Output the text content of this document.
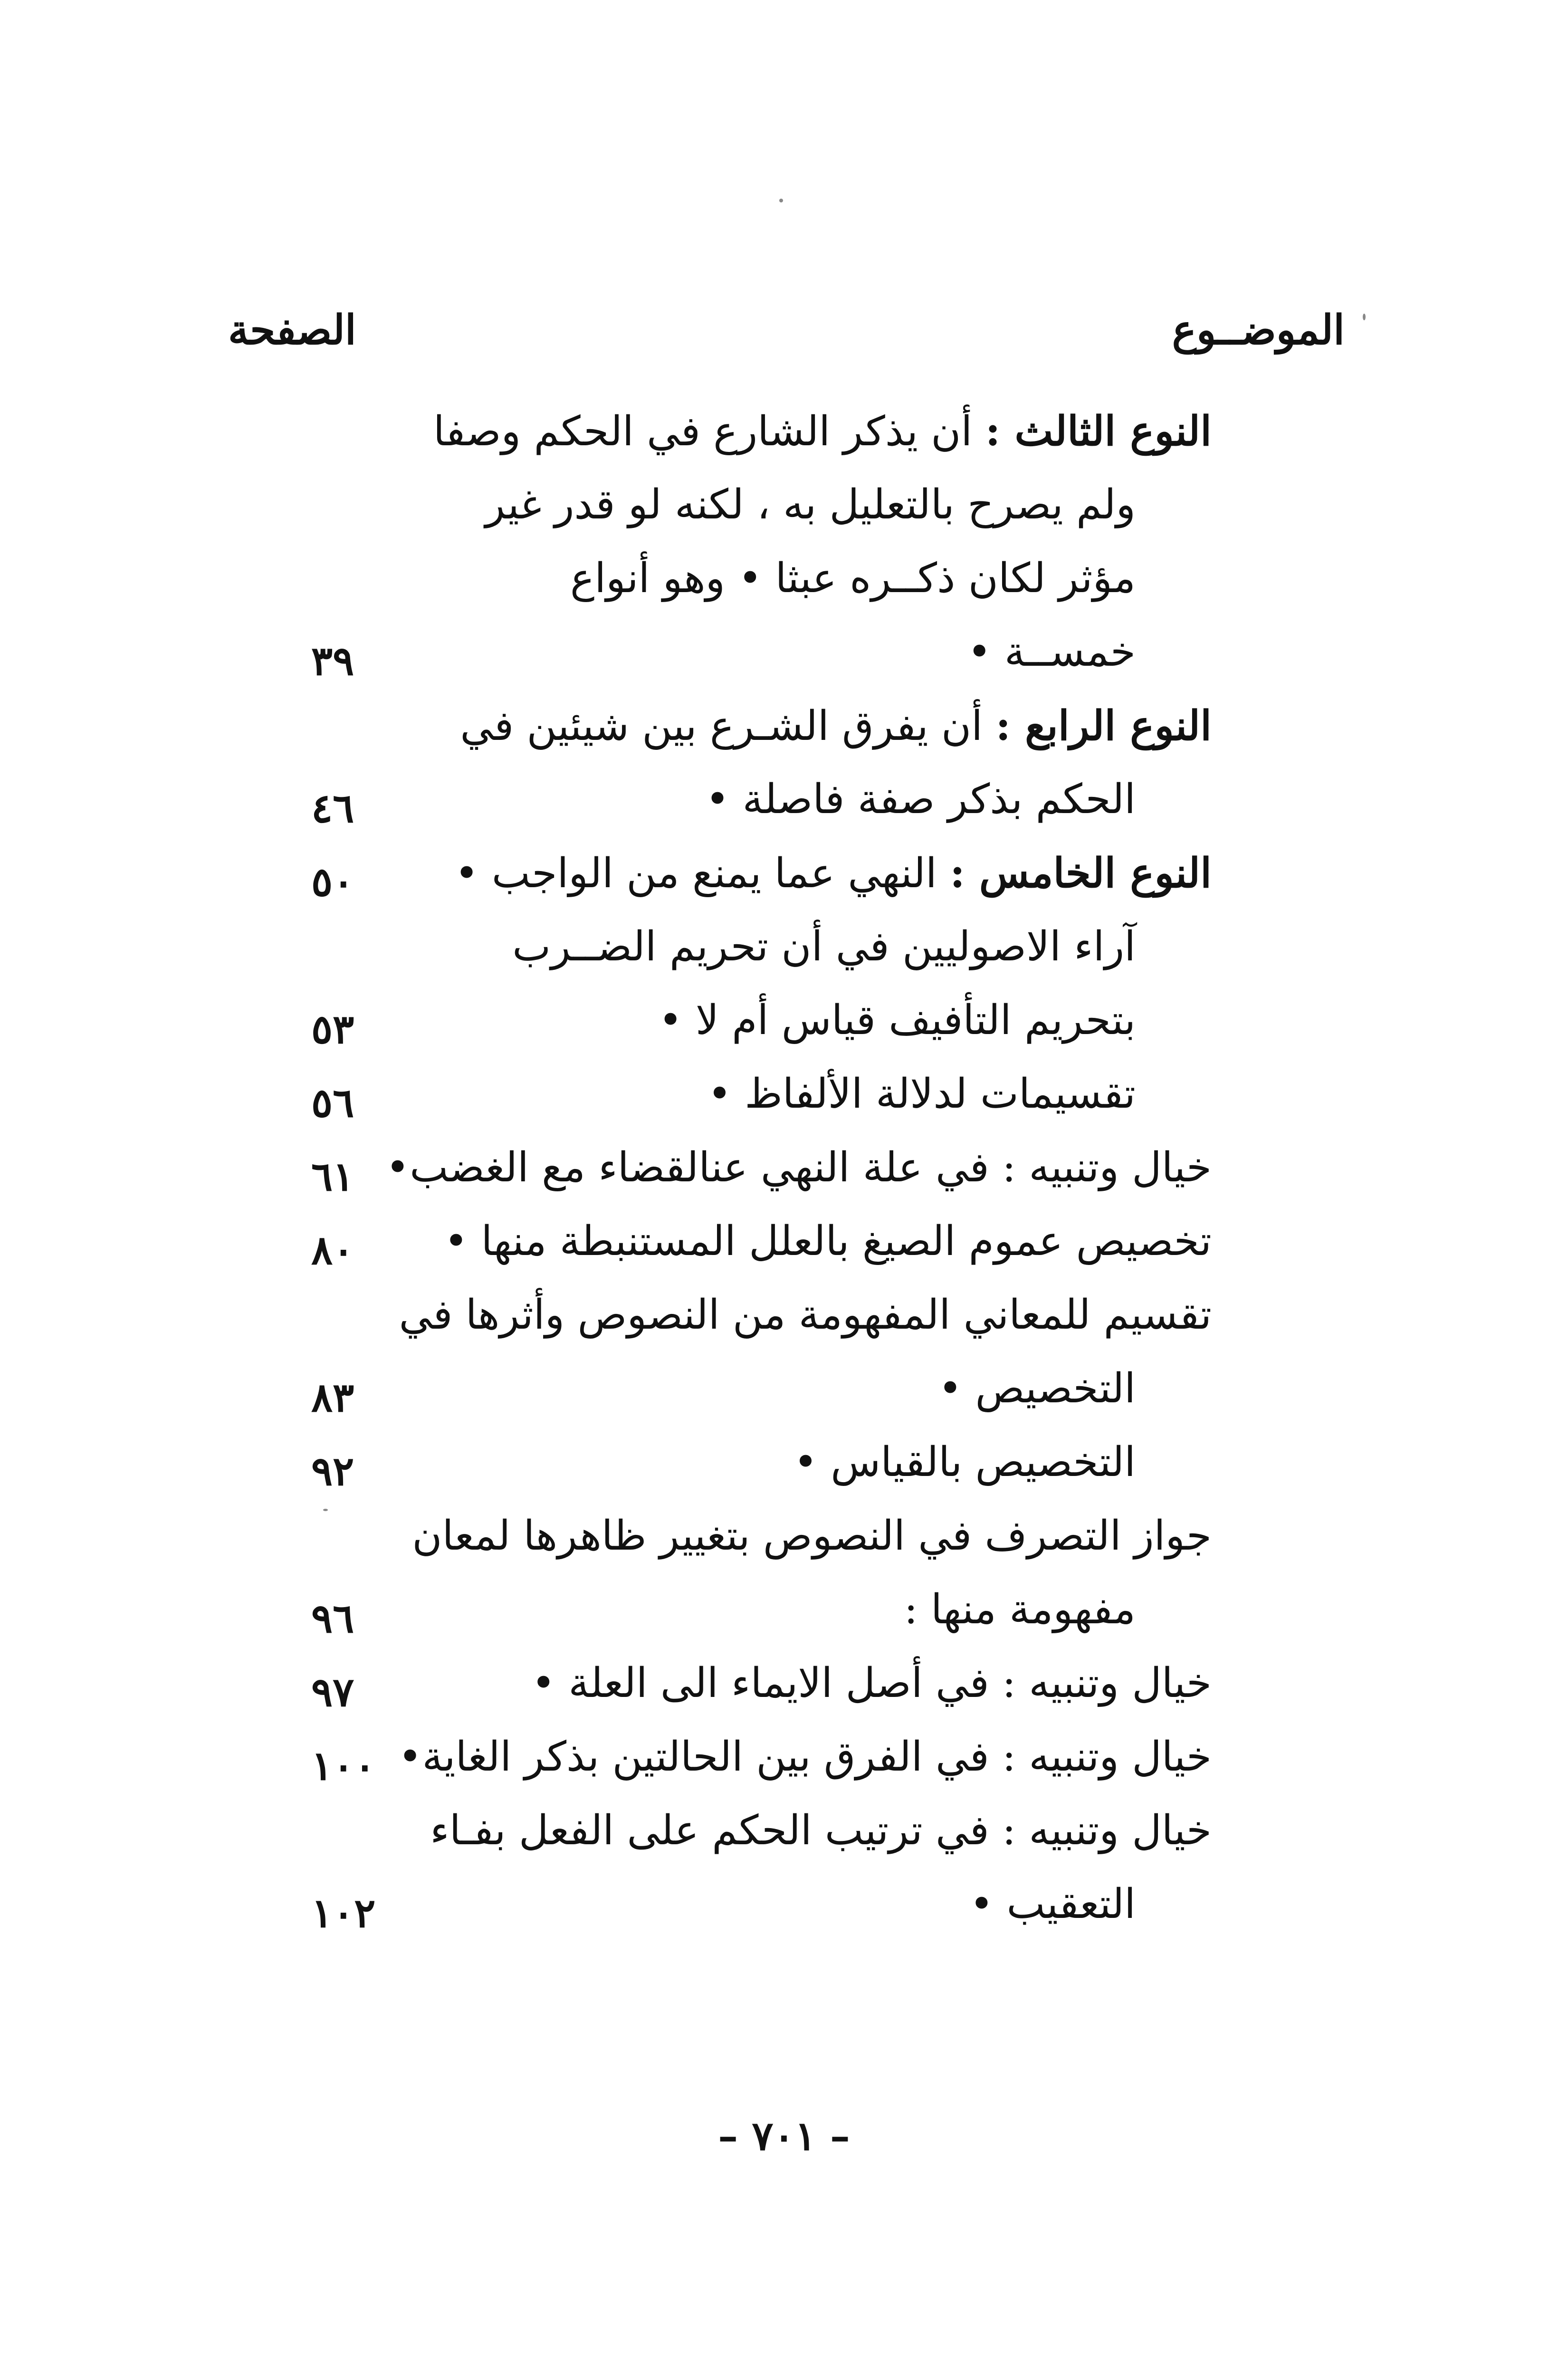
الموضــوع
الصفحة
النوع الثالث : أن يذكر الشارع في الحكم وصفا
ولم يصرح بالتعليل به ، لكنه لو قدر غير
مؤثر لكان ذكــره عبثا • وهو أنواع
خمســة •
٣٩
النوع الرابع : أن يفرق الشـرع بين شيئين في
الحكم بذكر صفة فاصلة •
٤٦
النوع الخامس : النهي عما يمنع من الواجب •
٥٠
آراء الاصوليين في أن تحريم الضــرب
بتحريم التأفيف قياس أم لا •
٥٣
تقسيمات لدلالة الألفاظ •
٥٦
خيال وتنبيه : في علة النهي عنالقضاء مع الغضب•
٦١
تخصيص عموم الصيغ بالعلل المستنبطة منها •
٨٠
تقسيم للمعاني المفهومة من النصوص وأثرها في
التخصيص •
٨٣
التخصيص بالقياس •
٩٢
جواز التصرف في النصوص بتغيير ظاهرها لمعان
مفهومة منها :
٩٦
خيال وتنبيه : في أصل الايماء الى العلة •
٩٧
خيال وتنبيه : في الفرق بين الحالتين بذكر الغاية•
١٠٠
خيال وتنبيه : في ترتيب الحكم على الفعل بفـاء
التعقيب •
١٠٢
– ٧٠١ –
